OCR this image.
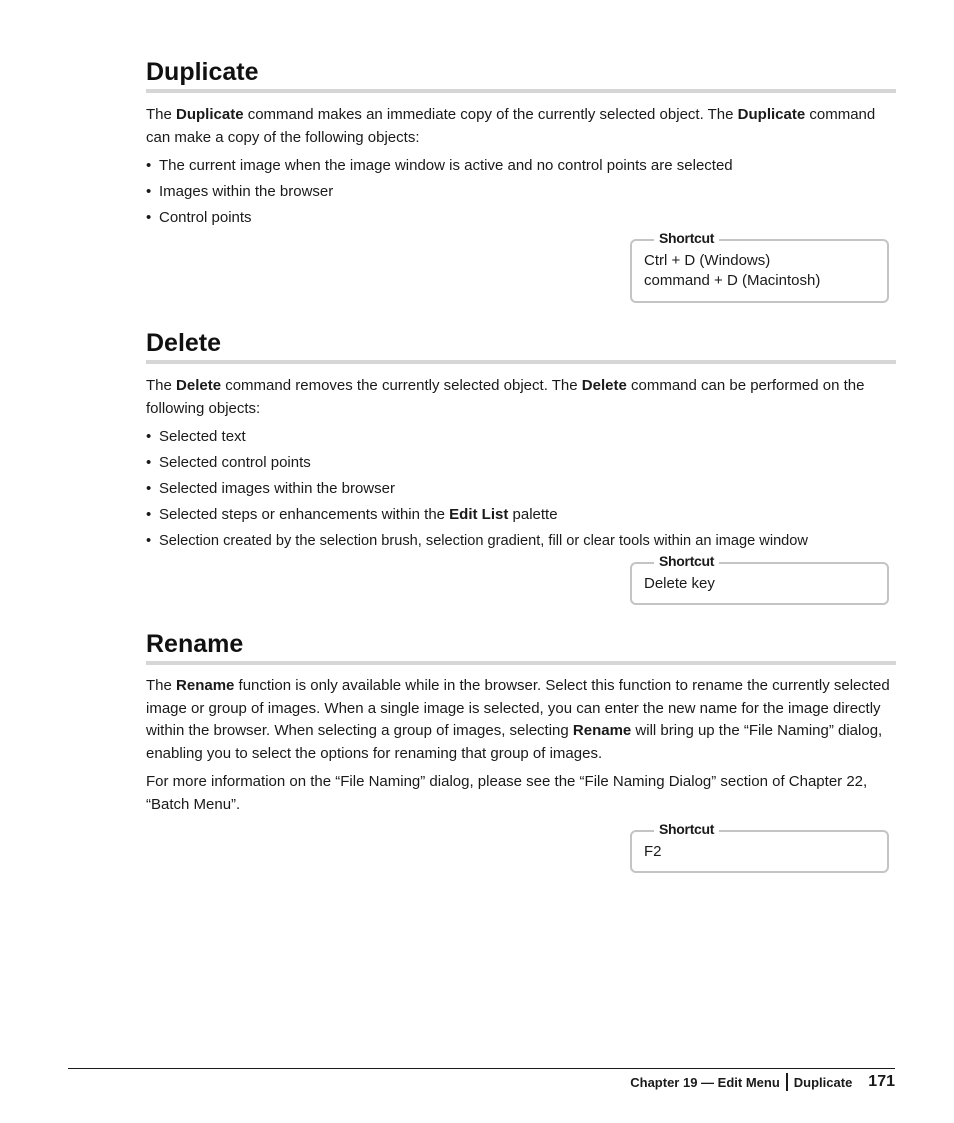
Duplicate

The Duplicate command makes an immediate copy of the currently selected object. The Duplicate command can make a copy of the following objects:

• The current image when the image window is active and no control points are selected
• Images within the browser
• Control points
Shortcut
Ctrl + D (Windows)
command + D (Macintosh)
Delete

The Delete command removes the currently selected object. The Delete command can be performed on the following objects:

• Selected text
• Selected control points
• Selected images within the browser
• Selected steps or enhancements within the Edit List palette
• Selection created by the selection brush, selection gradient, fill or clear tools within an image window
Shortcut
Delete key
Rename

The Rename function is only available while in the browser. Select this function to rename the currently selected image or group of images. When a single image is selected, you can enter the new name for the image directly within the browser. When selecting a group of images, selecting Rename will bring up the “File Naming” dialog, enabling you to select the options for renaming that group of images.

For more information on the “File Naming” dialog, please see the “File Naming Dialog” section of Chapter 22, “Batch Menu”.

Shortcut
F2
Chapter 19 — Edit Menu Duplicate 171
